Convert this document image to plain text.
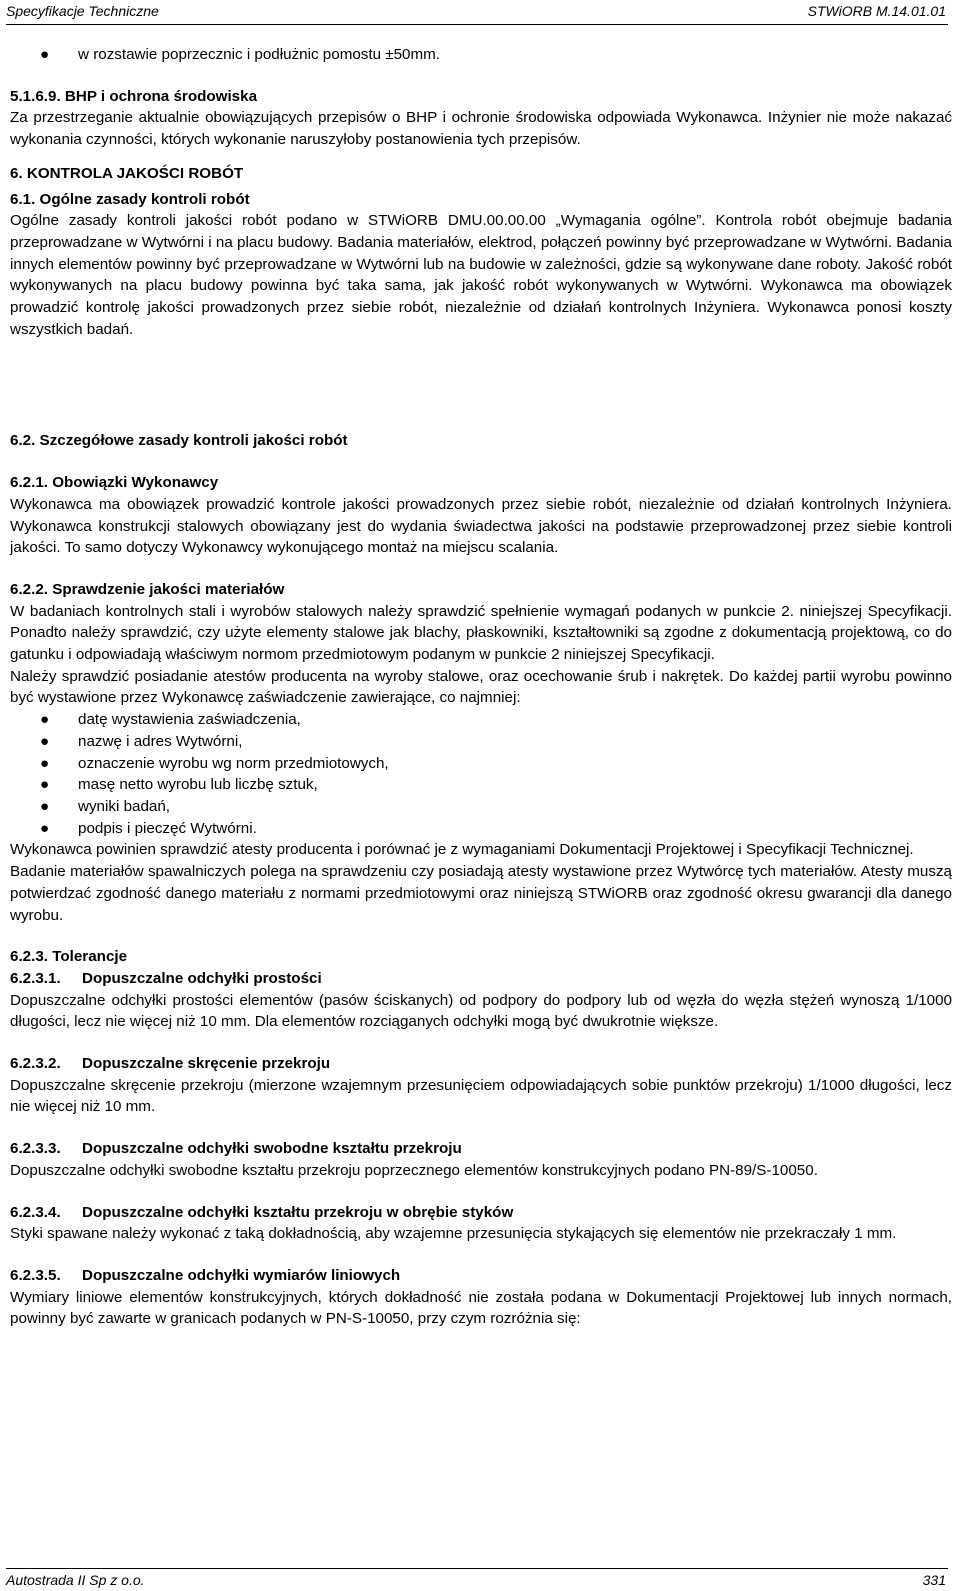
Specyfikacje Techniczne	STWiORB M.14.01.01
● w rozstawie poprzecznic i podłużnic pomostu ±50mm.

5.1.6.9. BHP i ochrona środowiska

Za przestrzeganie aktualnie obowiązujących przepisów o BHP i ochronie środowiska odpowiada Wykonawca. Inżynier nie może nakazać wykonania czynności, których wykonanie naruszyłoby postanowienia tych przepisów.

6. KONTROLA JAKOŚCI ROBÓT

6.1. Ogólne zasady kontroli robót

Ogólne zasady kontroli jakości robót podano w STWiORB DMU.00.00.00 „Wymagania ogólne”. Kontrola robót obejmuje badania przeprowadzane w Wytwórni i na placu budowy. Badania materiałów, elektrod, połączeń powinny być przeprowadzane w Wytwórni. Badania innych elementów powinny być przeprowadzane w Wytwórni lub na budowie w zależności, gdzie są wykonywane dane roboty. Jakość robót wykonywanych na placu budowy powinna być taka sama, jak jakość robót wykonywanych w Wytwórni. Wykonawca ma obowiązek prowadzić kontrolę jakości prowadzonych przez siebie robót, niezależnie od działań kontrolnych Inżyniera. Wykonawca ponosi koszty wszystkich badań.

6.2. Szczegółowe zasady kontroli jakości robót

6.2.1. Obowiązki Wykonawcy

Wykonawca ma obowiązek prowadzić kontrole jakości prowadzonych przez siebie robót, niezależnie od działań kontrolnych Inżyniera. Wykonawca konstrukcji stalowych obowiązany jest do wydania świadectwa jakości na podstawie przeprowadzonej przez siebie kontroli jakości. To samo dotyczy Wykonawcy wykonującego montaż na miejscu scalania.

6.2.2. Sprawdzenie jakości materiałów

W badaniach kontrolnych stali i wyrobów stalowych należy sprawdzić spełnienie wymagań podanych w punkcie 2. niniejszej Specyfikacji. Ponadto należy sprawdzić, czy użyte elementy stalowe jak blachy, płaskowniki, kształtowniki są zgodne z dokumentacją projektową, co do gatunku i odpowiadają właściwym normom przedmiotowym podanym w punkcie 2 niniejszej Specyfikacji.

Należy sprawdzić posiadanie atestów producenta na wyroby stalowe, oraz ocechowanie śrub i nakrętek. Do każdej partii wyrobu powinno być wystawione przez Wykonawcę zaświadczenie zawierające, co najmniej:

● datę wystawienia zaświadczenia,
● nazwę i adres Wytwórni,
● oznaczenie wyrobu wg norm przedmiotowych,
● masę netto wyrobu lub liczbę sztuk,
● wyniki badań,
● podpis i pieczęć Wytwórni.

Wykonawca powinien sprawdzić atesty producenta i porównać je z wymaganiami Dokumentacji Projektowej i Specyfikacji Technicznej.

Badanie materiałów spawalniczych polega na sprawdzeniu czy posiadają atesty wystawione przez Wytwórcę tych materiałów. Atesty muszą potwierdzać zgodność danego materiału z normami przedmiotowymi oraz niniejszą STWiORB oraz zgodność okresu gwarancji dla danego wyrobu.

6.2.3. Tolerancje

6.2.3.1. Dopuszczalne odchyłki prostości

Dopuszczalne odchyłki prostości elementów (pasów ściskanych) od podpory do podpory lub od węzła do węzła stężeń wynoszą 1/1000 długości, lecz nie więcej niż 10 mm. Dla elementów rozciąganych odchyłki mogą być dwukrotnie większe.

6.2.3.2. Dopuszczalne skręcenie przekroju

Dopuszczalne skręcenie przekroju (mierzone wzajemnym przesunięciem odpowiadających sobie punktów przekroju) 1/1000 długości, lecz nie więcej niż 10 mm.

6.2.3.3. Dopuszczalne odchyłki swobodne kształtu przekroju

Dopuszczalne odchyłki swobodne kształtu przekroju poprzecznego elementów konstrukcyjnych podano PN-89/S-10050.

6.2.3.4. Dopuszczalne odchyłki kształtu przekroju w obrębie styków

Styki spawane należy wykonać z taką dokładnością, aby wzajemne przesunięcia stykających się elementów nie przekraczały 1 mm.

6.2.3.5. Dopuszczalne odchyłki wymiarów liniowych

Wymiary liniowe elementów konstrukcyjnych, których dokładność nie została podana w Dokumentacji Projektowej lub innych normach, powinny być zawarte w granicach podanych w PN-S-10050, przy czym rozróżnia się:

Autostrada II Sp z o.o.	331
